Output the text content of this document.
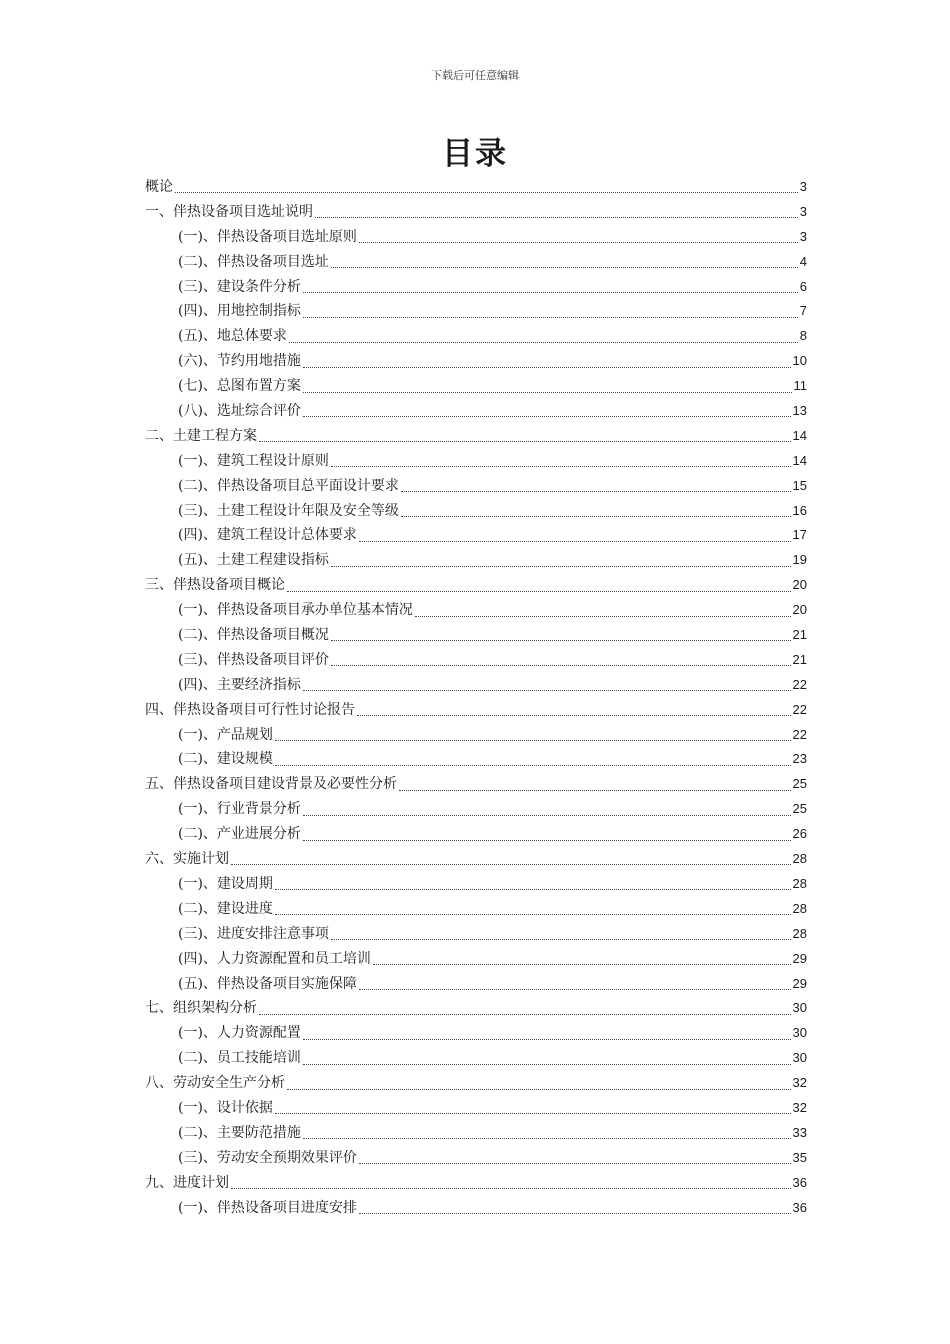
下载后可任意编辑
目录
概论	3
一、伴热设备项目选址说明	3
(一)、伴热设备项目选址原则	3
(二)、伴热设备项目选址	4
(三)、建设条件分析	6
(四)、用地控制指标	7
(五)、地总体要求	8
(六)、节约用地措施	10
(七)、总图布置方案	11
(八)、选址综合评价	13
二、土建工程方案	14
(一)、建筑工程设计原则	14
(二)、伴热设备项目总平面设计要求	15
(三)、土建工程设计年限及安全等级	16
(四)、建筑工程设计总体要求	17
(五)、土建工程建设指标	19
三、伴热设备项目概论	20
(一)、伴热设备项目承办单位基本情况	20
(二)、伴热设备项目概况	21
(三)、伴热设备项目评价	21
(四)、主要经济指标	22
四、伴热设备项目可行性讨论报告	22
(一)、产品规划	22
(二)、建设规模	23
五、伴热设备项目建设背景及必要性分析	25
(一)、行业背景分析	25
(二)、产业进展分析	26
六、实施计划	28
(一)、建设周期	28
(二)、建设进度	28
(三)、进度安排注意事项	28
(四)、人力资源配置和员工培训	29
(五)、伴热设备项目实施保障	29
七、组织架构分析	30
(一)、人力资源配置	30
(二)、员工技能培训	30
八、劳动安全生产分析	32
(一)、设计依据	32
(二)、主要防范措施	33
(三)、劳动安全预期效果评价	35
九、进度计划	36
(一)、伴热设备项目进度安排	36
